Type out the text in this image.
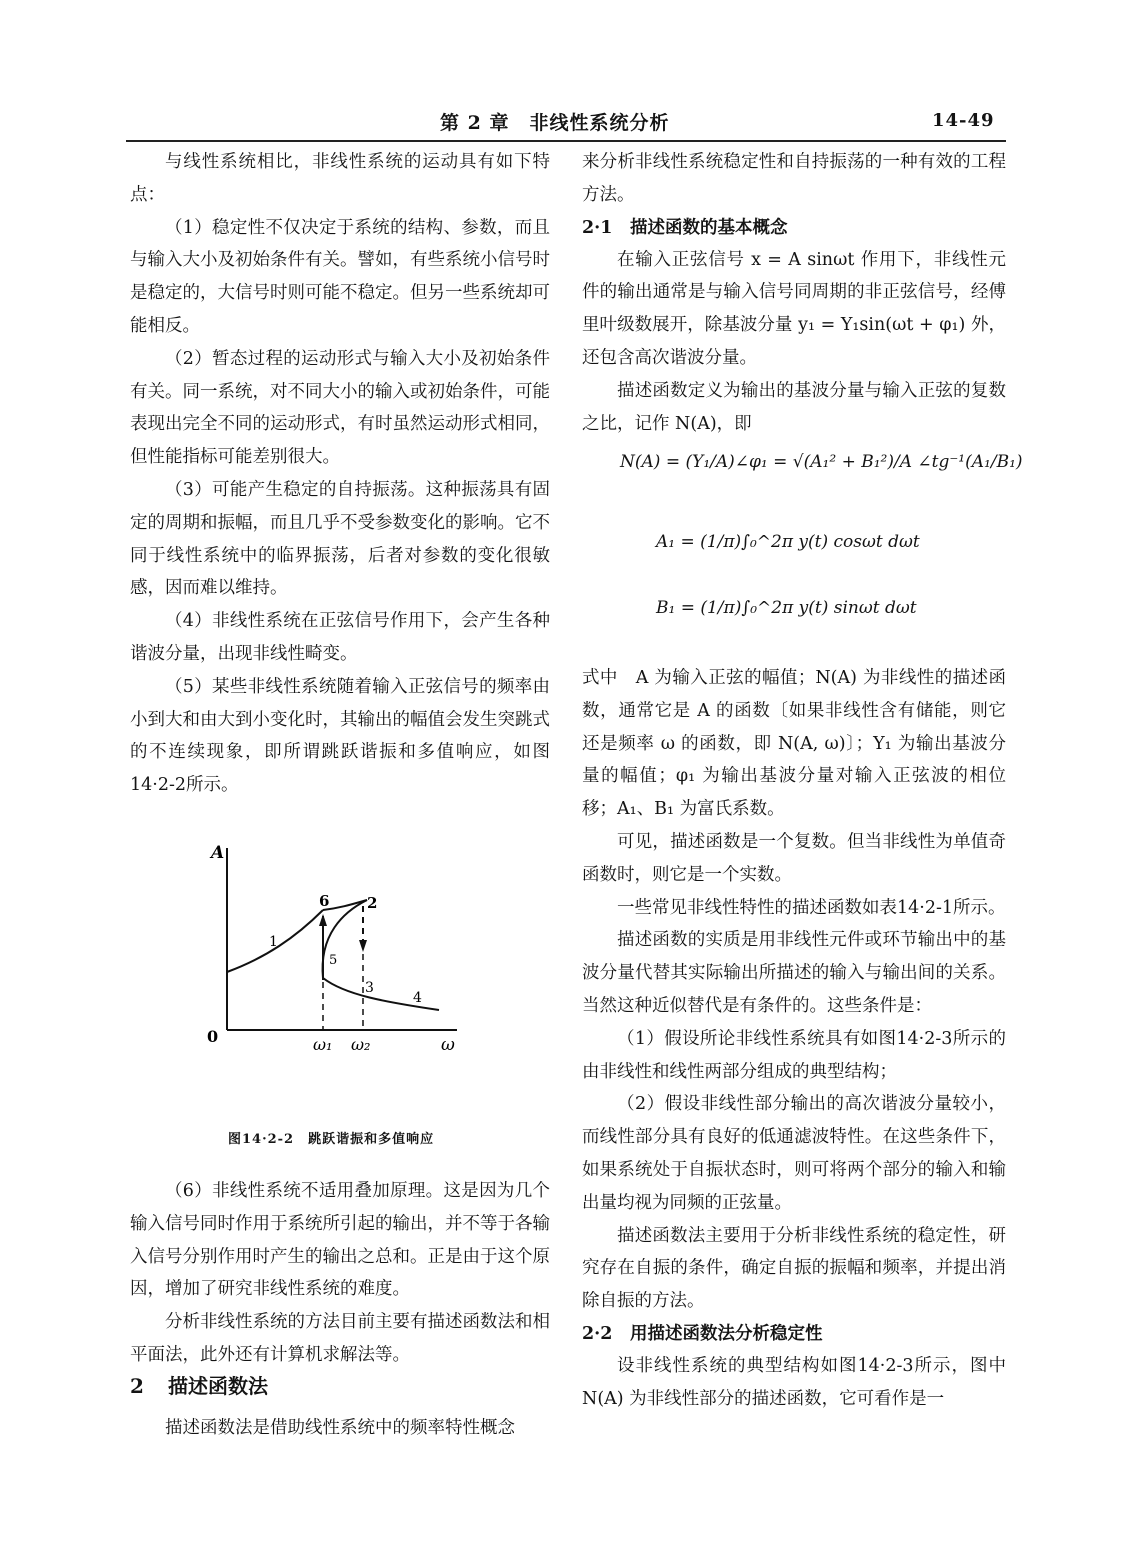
第 2 章　非线性系统分析	14-49

与线性系统相比，非线性系统的运动具有如下特点：

（1）稳定性不仅决定于系统的结构、参数，而且与输入大小及初始条件有关。譬如，有些系统小信号时是稳定的，大信号时则可能不稳定。但另一些系统却可能相反。

（2）暂态过程的运动形式与输入大小及初始条件有关。同一系统，对不同大小的输入或初始条件，可能表现出完全不同的运动形式，有时虽然运动形式相同，但性能指标可能差别很大。

（3）可能产生稳定的自持振荡。这种振荡具有固定的周期和振幅，而且几乎不受参数变化的影响。它不同于线性系统中的临界振荡，后者对参数的变化很敏感，因而难以维持。

（4）非线性系统在正弦信号作用下，会产生各种谐波分量，出现非线性畸变。

（5）某些非线性系统随着输入正弦信号的频率由小到大和由大到小变化时，其输出的幅值会发生突跳式的不连续现象，即所谓跳跃谐振和多值响应，如图14·2-2所示。

A
0	ω
ω₁ ω₂
1
2
3
4
5
6
图14·2-2　跳跃谐振和多值响应

（6）非线性系统不适用叠加原理。这是因为几个输入信号同时作用于系统所引起的输出，并不等于各输入信号分别作用时产生的输出之总和。正是由于这个原因，增加了研究非线性系统的难度。

分析非线性系统的方法目前主要有描述函数法和相平面法，此外还有计算机求解法等。

2 描述函数法

描述函数法是借助线性系统中的频率特性概念

来分析非线性系统稳定性和自持振荡的一种有效的工程方法。

2·1　描述函数的基本概念

在输入正弦信号 x = A sinωt 作用下，非线性元件的输出通常是与输入信号同周期的非正弦信号，经傅里叶级数展开，除基波分量 y₁ = Y₁sin(ωt + φ₁) 外，还包含高次谐波分量。

描述函数定义为输出的基波分量与输入正弦的复数之比，记作 N(A)，即

N(A) = (Y₁/A)∠φ₁ = √(A₁² + B₁²)/A ∠tg⁻¹(A₁/B₁)
A₁ = (1/π)∫₀^2π y(t) cosωt dωt
B₁ = (1/π)∫₀^2π y(t) sinωt dωt

式中　A 为输入正弦的幅值；N(A) 为非线性的描述函数，通常它是 A 的函数〔如果非线性含有储能，则它还是频率 ω 的函数，即 N(A, ω)〕；Y₁ 为输出基波分量的幅值；φ₁ 为输出基波分量对输入正弦波的相位移；A₁、B₁ 为富氏系数。

可见，描述函数是一个复数。但当非线性为单值奇函数时，则它是一个实数。

一些常见非线性特性的描述函数如表14·2-1所示。

描述函数的实质是用非线性元件或环节输出中的基波分量代替其实际输出所描述的输入与输出间的关系。当然这种近似替代是有条件的。这些条件是：

（1）假设所论非线性系统具有如图14·2-3所示的由非线性和线性两部分组成的典型结构；

（2）假设非线性部分输出的高次谐波分量较小，而线性部分具有良好的低通滤波特性。在这些条件下，如果系统处于自振状态时，则可将两个部分的输入和输出量均视为同频的正弦量。

描述函数法主要用于分析非线性系统的稳定性，研究存在自振的条件，确定自振的振幅和频率，并提出消除自振的方法。

2·2　用描述函数法分析稳定性

设非线性系统的典型结构如图14·2-3所示，图中 N(A) 为非线性部分的描述函数，它可看作是一
